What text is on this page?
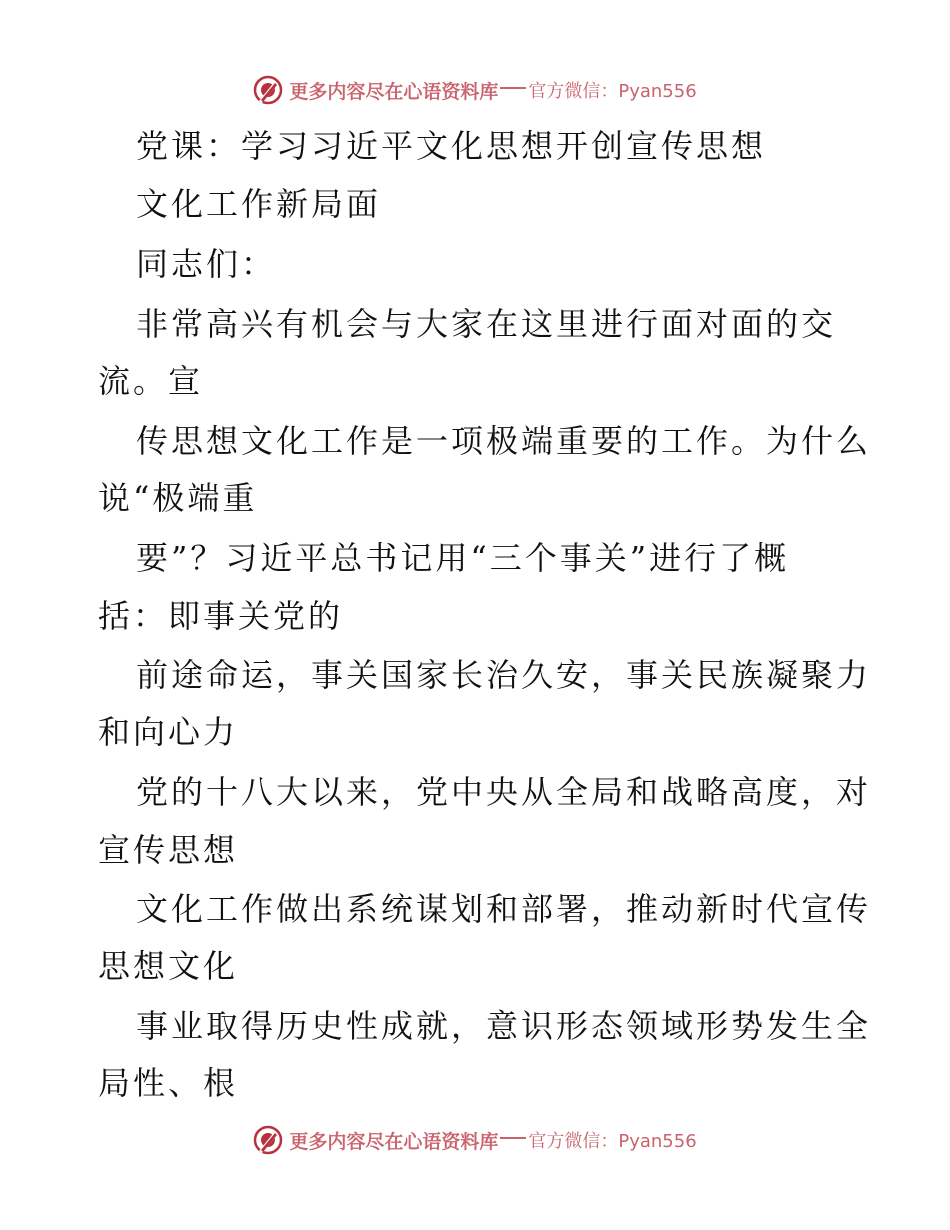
更多内容尽在心语资料库 官方微信：Pyan556
党课：学习习近平文化思想开创宣传思想
文化工作新局面
同志们：
非常高兴有机会与大家在这里进行面对面的交
流。宣
传思想文化工作是一项极端重要的工作。为什么
说“极端重
要”？习近平总书记用“三个事关”进行了概
括：即事关党的
前途命运，事关国家长治久安，事关民族凝聚力
和向心力
党的十八大以来，党中央从全局和战略高度，对
宣传思想
文化工作做出系统谋划和部署，推动新时代宣传
思想文化
事业取得历史性成就，意识形态领域形势发生全
局性、根
更多内容尽在心语资料库 官方微信：Pyan556
